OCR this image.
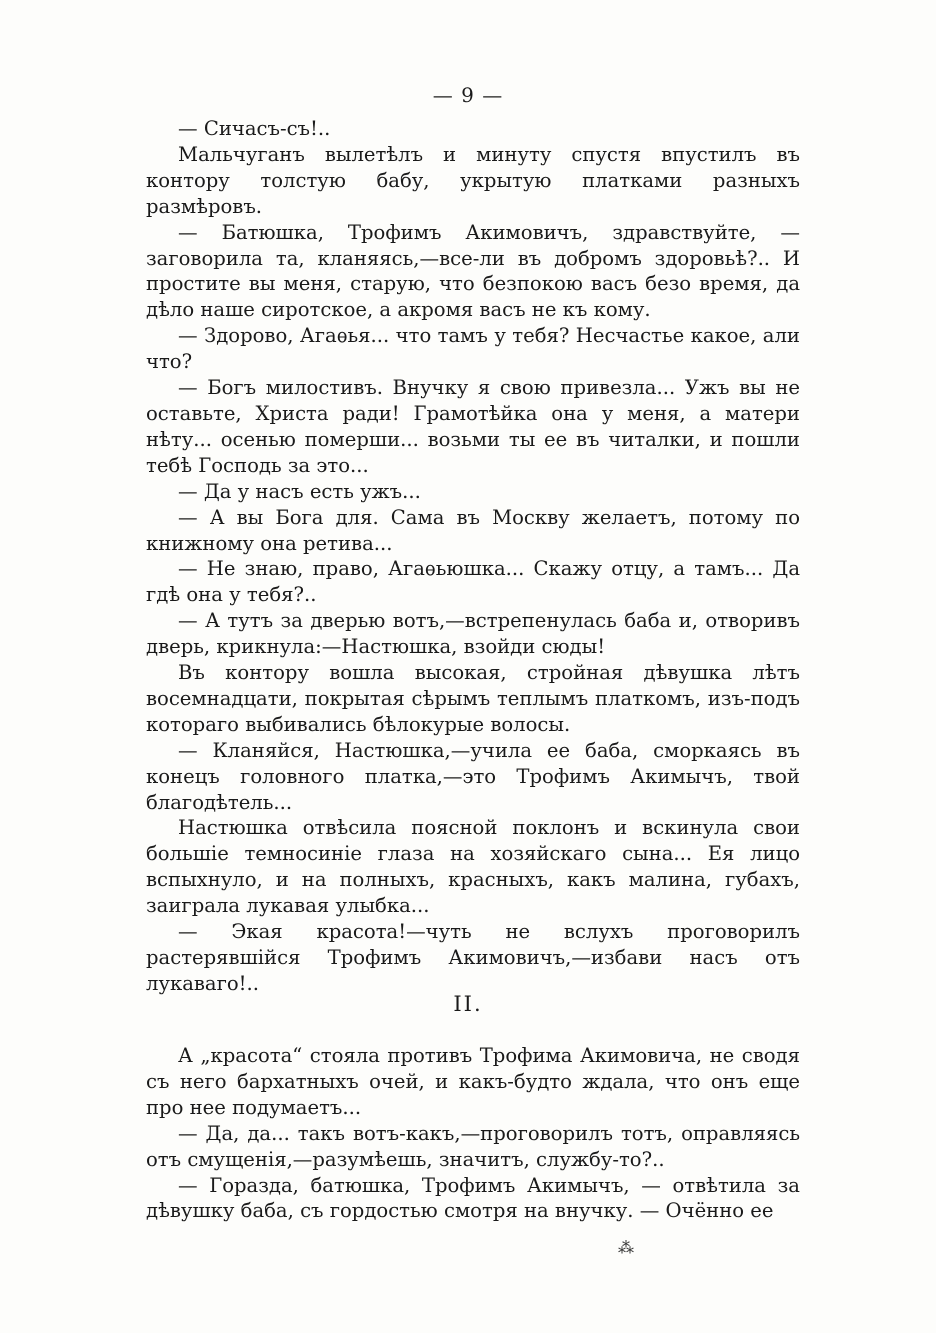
— 9 —

— Сичасъ-съ!..

Мальчуганъ вылетѣлъ и минуту спустя впустилъ въ контору толстую бабу, укрытую платками разныхъ размѣровъ.

— Батюшка, Трофимъ Акимовичъ, здравствуйте, — заговорила та, кланяясь,—все-ли въ добромъ здоровьѣ?.. И простите вы меня, старую, что безпокою васъ безо время, да дѣло наше сиротское, а акромя васъ не къ кому.

— Здорово, Агаѳья... что тамъ у тебя? Несчастье какое, али что?

— Богъ милостивъ. Внучку я свою привезла... Ужъ вы не оставьте, Христа ради! Грамотѣйка она у меня, а матери нѣту... осенью померши... возьми ты ее въ читалки, и пошли тебѣ Господь за это...

— Да у насъ есть ужъ...

— А вы Бога для. Сама въ Москву желаетъ, потому по книжному она ретива...

— Не знаю, право, Агаѳьюшка... Скажу отцу, а тамъ... Да гдѣ она у тебя?..

— А тутъ за дверью вотъ,—встрепенулась баба и, отворивъ дверь, крикнула:—Настюшка, взойди сюды!

Въ контору вошла высокая, стройная дѣвушка лѣтъ восемнадцати, покрытая сѣрымъ теплымъ платкомъ, изъ-подъ котораго выбивались бѣлокурые волосы.

— Кланяйся, Настюшка,—учила ее баба, сморкаясь въ конецъ головного платка,—это Трофимъ Акимычъ, твой благодѣтель...

Настюшка отвѣсила поясной поклонъ и вскинула свои большіе темносиніе глаза на хозяйскаго сына... Ея лицо вспыхнуло, и на полныхъ, красныхъ, какъ малина, губахъ, заиграла лукавая улыбка...

— Экая красота!—чуть не вслухъ проговорилъ растерявшійся Трофимъ Акимовичъ,—избави насъ отъ лукаваго!..

II.

А „красота“ стояла противъ Трофима Акимовича, не сводя съ него бархатныхъ очей, и какъ-будто ждала, что онъ еще про нее подумаетъ...

— Да, да... такъ вотъ-какъ,—проговорилъ тотъ, оправляясь отъ смущенія,—разумѣешь, значитъ, службу-то?..

— Горазда, батюшка, Трофимъ Акимычъ, — отвѣтила за дѣвушку баба, съ гордостью смотря на внучку. — Очённо ее

⁂
